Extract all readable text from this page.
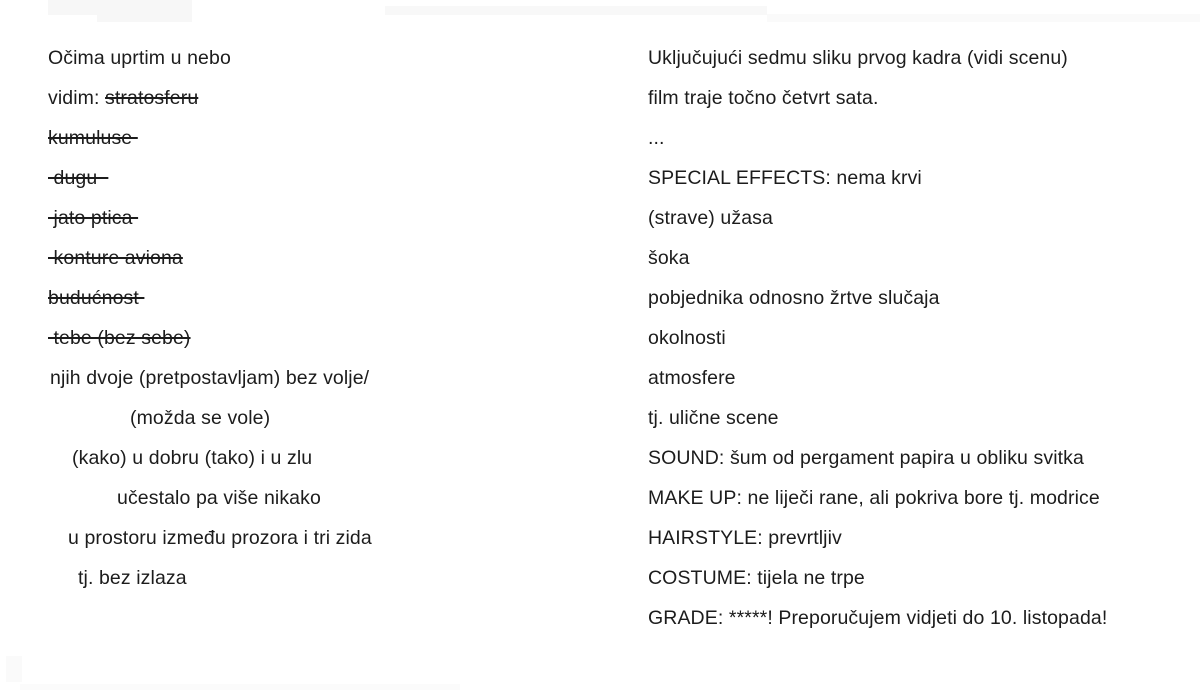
Očima uprtim u nebo
vidim: stratosferu
kumuluse
dugu
jato ptica
konture aviona
budućnost
tebe (bez sebe)
njih dvoje (pretpostavljam) bez volje/
(možda se vole)
(kako) u dobru (tako) i u zlu
učestalo pa više nikako
u prostoru između prozora i tri zida
tj. bez izlaza
Uključujući sedmu sliku prvog kadra (vidi scenu)
film traje točno četvrt sata.
...
SPECIAL EFFECTS: nema krvi
(strave) užasa
šoka
pobjednika odnosno žrtve slučaja
okolnosti
atmosfere
tj. ulične scene
SOUND: šum od pergament papira u obliku svitka
MAKE UP: ne liječi rane, ali pokriva bore tj. modrice
HAIRSTYLE: prevrtljiv
COSTUME: tijela ne trpe
GRADE: *****! Preporučujem vidjeti do 10. listopada!
